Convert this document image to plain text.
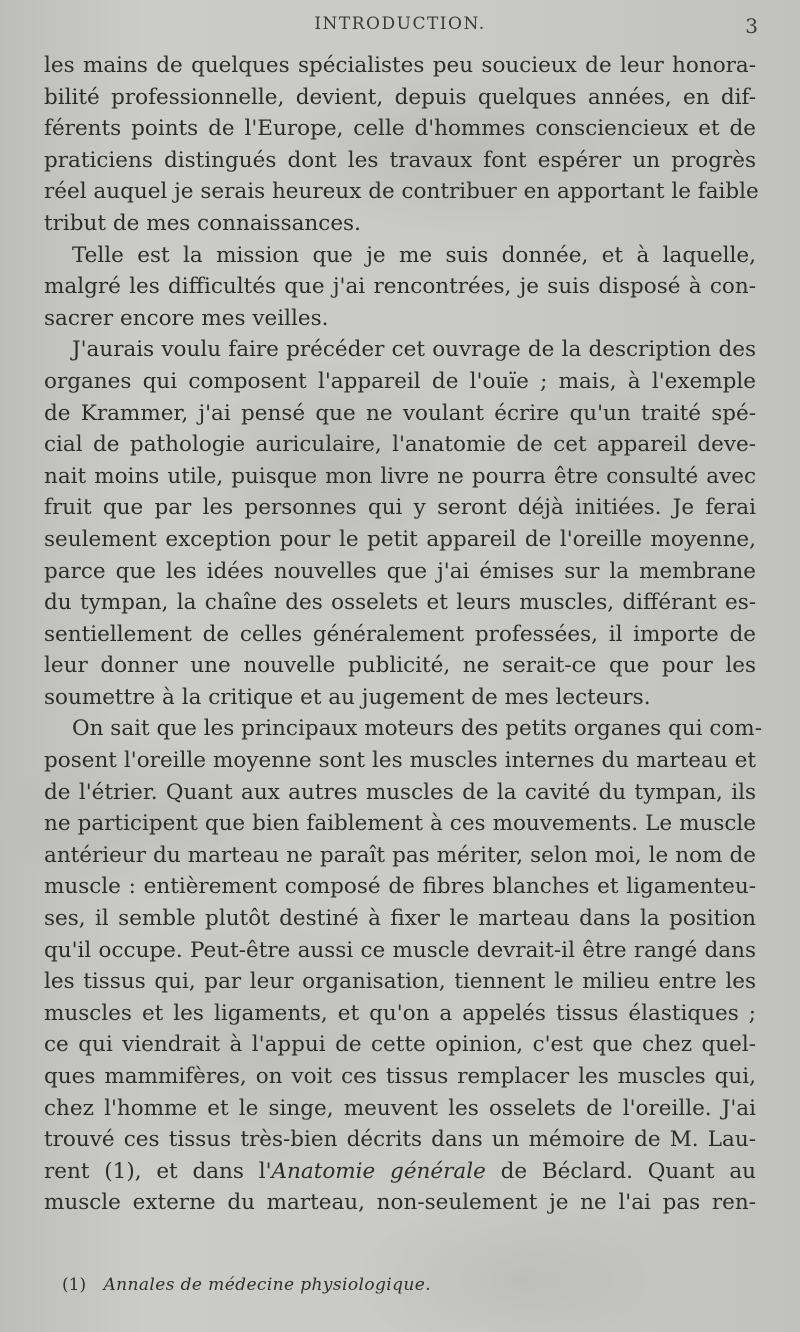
INTRODUCTION.	3

les mains de quelques spécialistes peu soucieux de leur honora-
bilité professionnelle, devient, depuis quelques années, en dif-
férents points de l'Europe, celle d'hommes consciencieux et de
praticiens distingués dont les travaux font espérer un progrès
réel auquel je serais heureux de contribuer en apportant le faible
tribut de mes connaissances.

Telle est la mission que je me suis donnée, et à laquelle,
malgré les difficultés que j'ai rencontrées, je suis disposé à con-
sacrer encore mes veilles.

J'aurais voulu faire précéder cet ouvrage de la description des
organes qui composent l'appareil de l'ouïe ; mais, à l'exemple
de Krammer, j'ai pensé que ne voulant écrire qu'un traité spé-
cial de pathologie auriculaire, l'anatomie de cet appareil deve-
nait moins utile, puisque mon livre ne pourra être consulté avec
fruit que par les personnes qui y seront déjà initiées. Je ferai
seulement exception pour le petit appareil de l'oreille moyenne,
parce que les idées nouvelles que j'ai émises sur la membrane
du tympan, la chaîne des osselets et leurs muscles, différant es-
sentiellement de celles généralement professées, il importe de
leur donner une nouvelle publicité, ne serait-ce que pour les
soumettre à la critique et au jugement de mes lecteurs.

On sait que les principaux moteurs des petits organes qui com-
posent l'oreille moyenne sont les muscles internes du marteau et
de l'étrier. Quant aux autres muscles de la cavité du tympan, ils
ne participent que bien faiblement à ces mouvements. Le muscle
antérieur du marteau ne paraît pas mériter, selon moi, le nom de
muscle : entièrement composé de fibres blanches et ligamenteu-
ses, il semble plutôt destiné à fixer le marteau dans la position
qu'il occupe. Peut-être aussi ce muscle devrait-il être rangé dans
les tissus qui, par leur organisation, tiennent le milieu entre les
muscles et les ligaments, et qu'on a appelés tissus élastiques ;
ce qui viendrait à l'appui de cette opinion, c'est que chez quel-
ques mammifères, on voit ces tissus remplacer les muscles qui,
chez l'homme et le singe, meuvent les osselets de l'oreille. J'ai
trouvé ces tissus très-bien décrits dans un mémoire de M. Lau-
rent (1), et dans l'Anatomie générale de Béclard. Quant au
muscle externe du marteau, non-seulement je ne l'ai pas ren-

(1) Annales de médecine physiologique.
